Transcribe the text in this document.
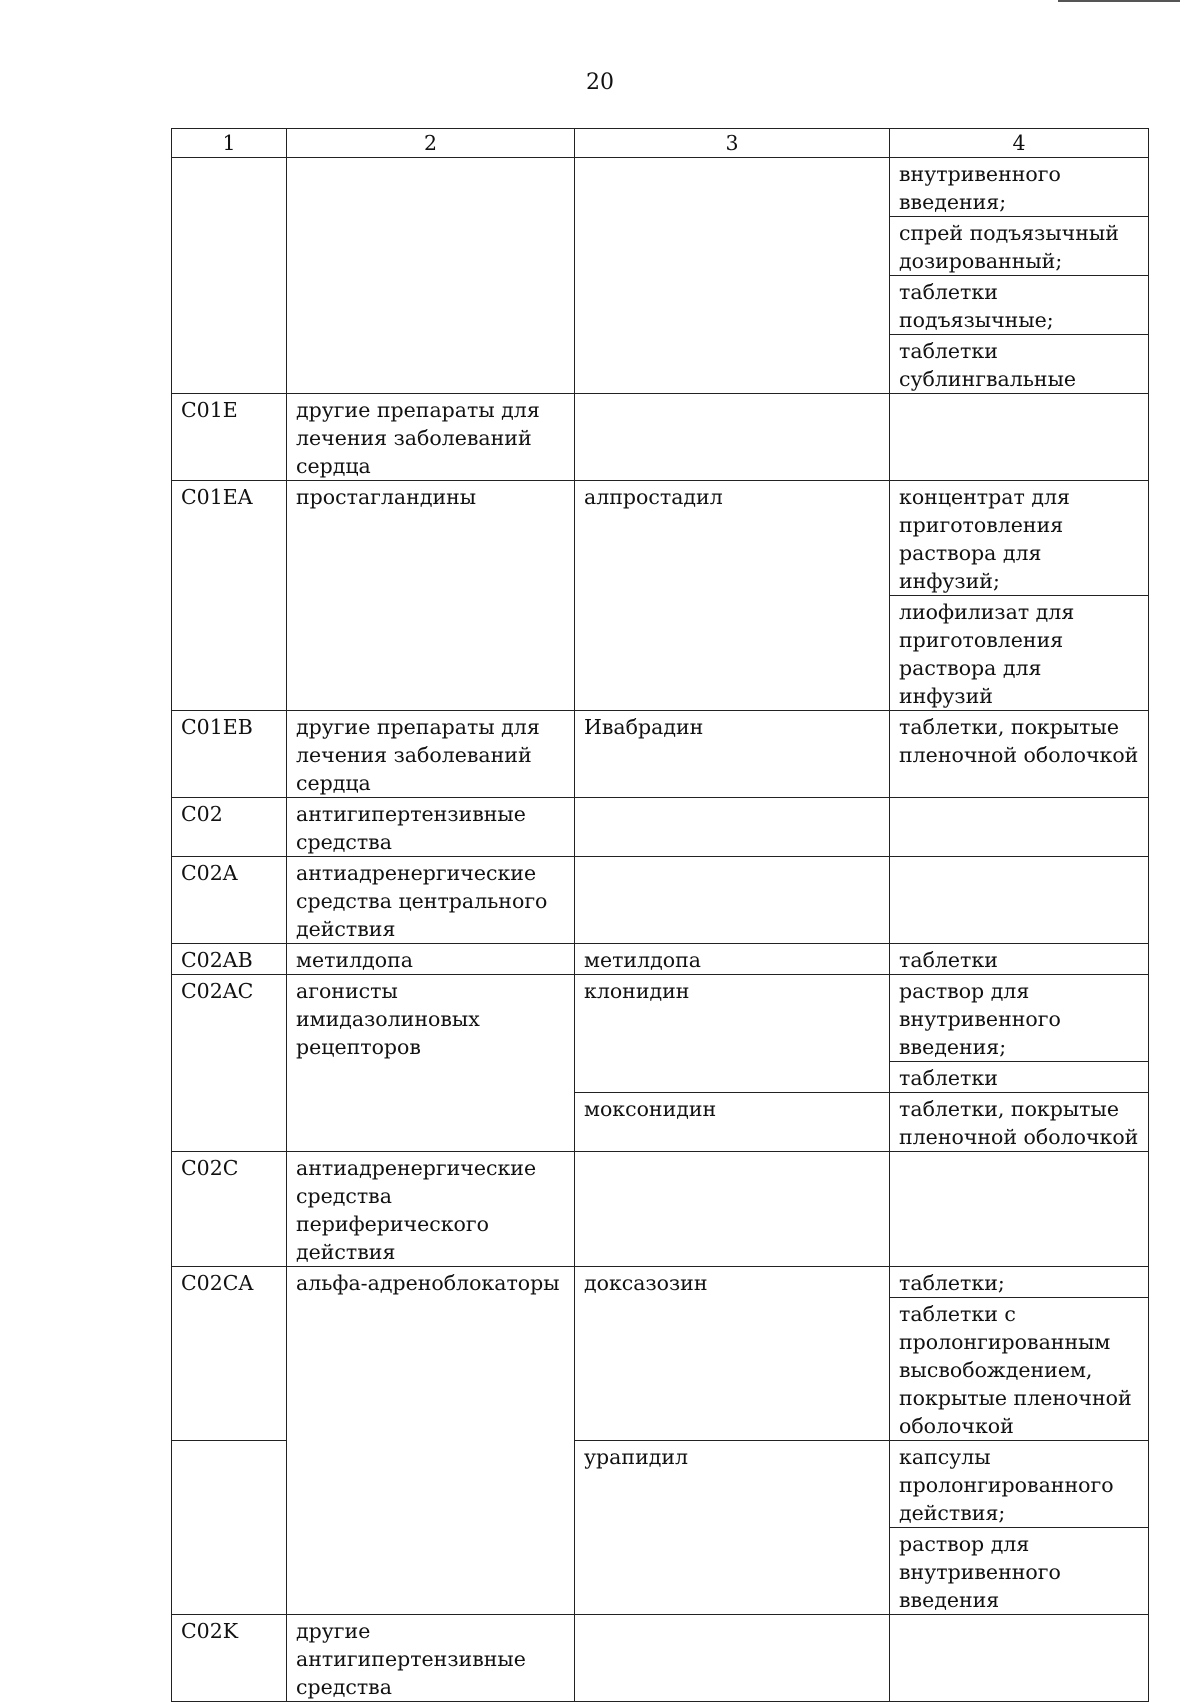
20
1	2	3	4

			внутривенного введения;
спрей подъязычный дозированный;
таблетки подъязычные;
таблетки сублингвальные

C01E	другие препараты для лечения заболеваний сердца		
C01EA	простагландины	алпростадил	концентрат для приготовления раствора для инфузий;
лиофилизат для приготовления раствора для инфузий

C01EB	другие препараты для лечения заболеваний сердца	Ивабрадин	таблетки, покрытые пленочной оболочкой

C02	антигипертензивные средства		
C02A	антиадренергические средства центрального действия		
C02AB	метилдопа	метилдопа	таблетки

C02AC	агонисты имидазолиновых рецепторов	клонидин	раствор для внутривенного введения;
таблетки

		моксонидин	таблетки, покрытые пленочной оболочкой

C02C	антиадренергические средства периферического действия		
C02CA	альфа-адреноблокаторы	доксазозин	таблетки;
таблетки с пролонгированным высвобождением, покрытые пленочной оболочкой

		урапидил	капсулы пролонгированного действия;
раствор для внутривенного введения

C02K	другие антигипертензивные средства		
